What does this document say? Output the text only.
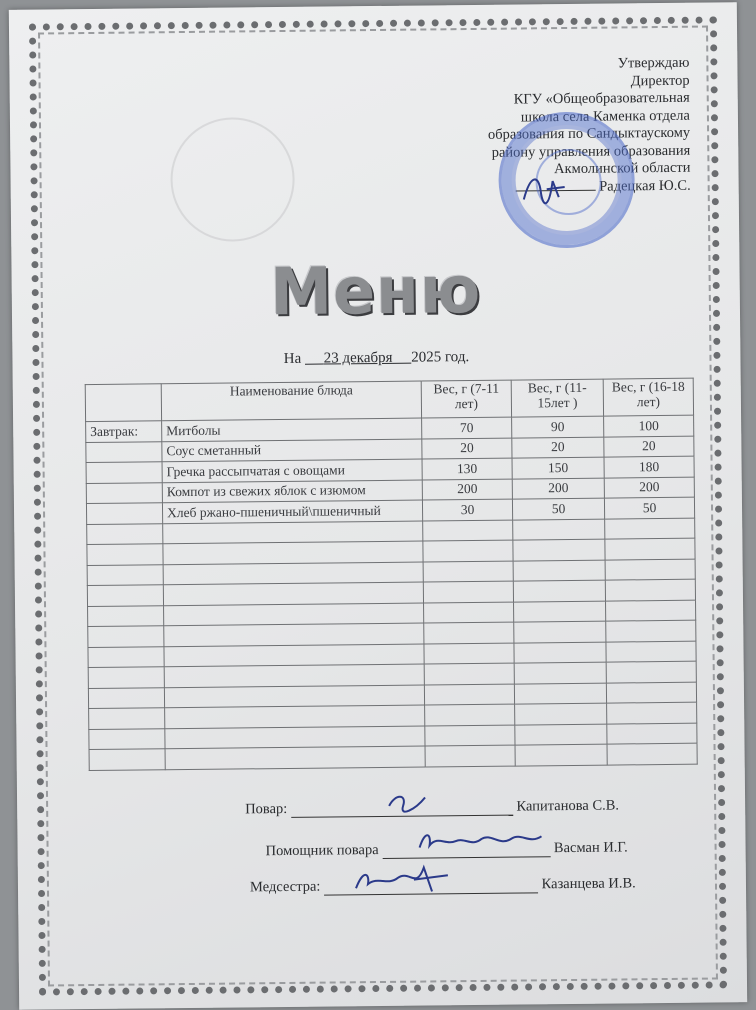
Утверждаю
Директор
КГУ «Общеобразовательная
школа села Каменка отдела
образования по Сандыктаускому
району управления образования
Акмолинской области
Радецкая Ю.С.
Меню
На 23 декабря 2025 год.
	Наименование блюда	Вес, г (7-11 лет)	Вес, г (11-15лет )	Вес, г (16-18 лет)
Завтрак:	Митболы	70	90	100
	Соус сметанный	20	20	20
	Гречка рассыпчатая с овощами	130	150	180
	Компот из свежих яблок с изюмом	200	200	200
	Хлеб ржано-пшеничный\пшеничный	30	50	50

Повар:	Капитанова С.В.
Помощник повара	Васман И.Г.
Медсестра:	Казанцева И.В.
